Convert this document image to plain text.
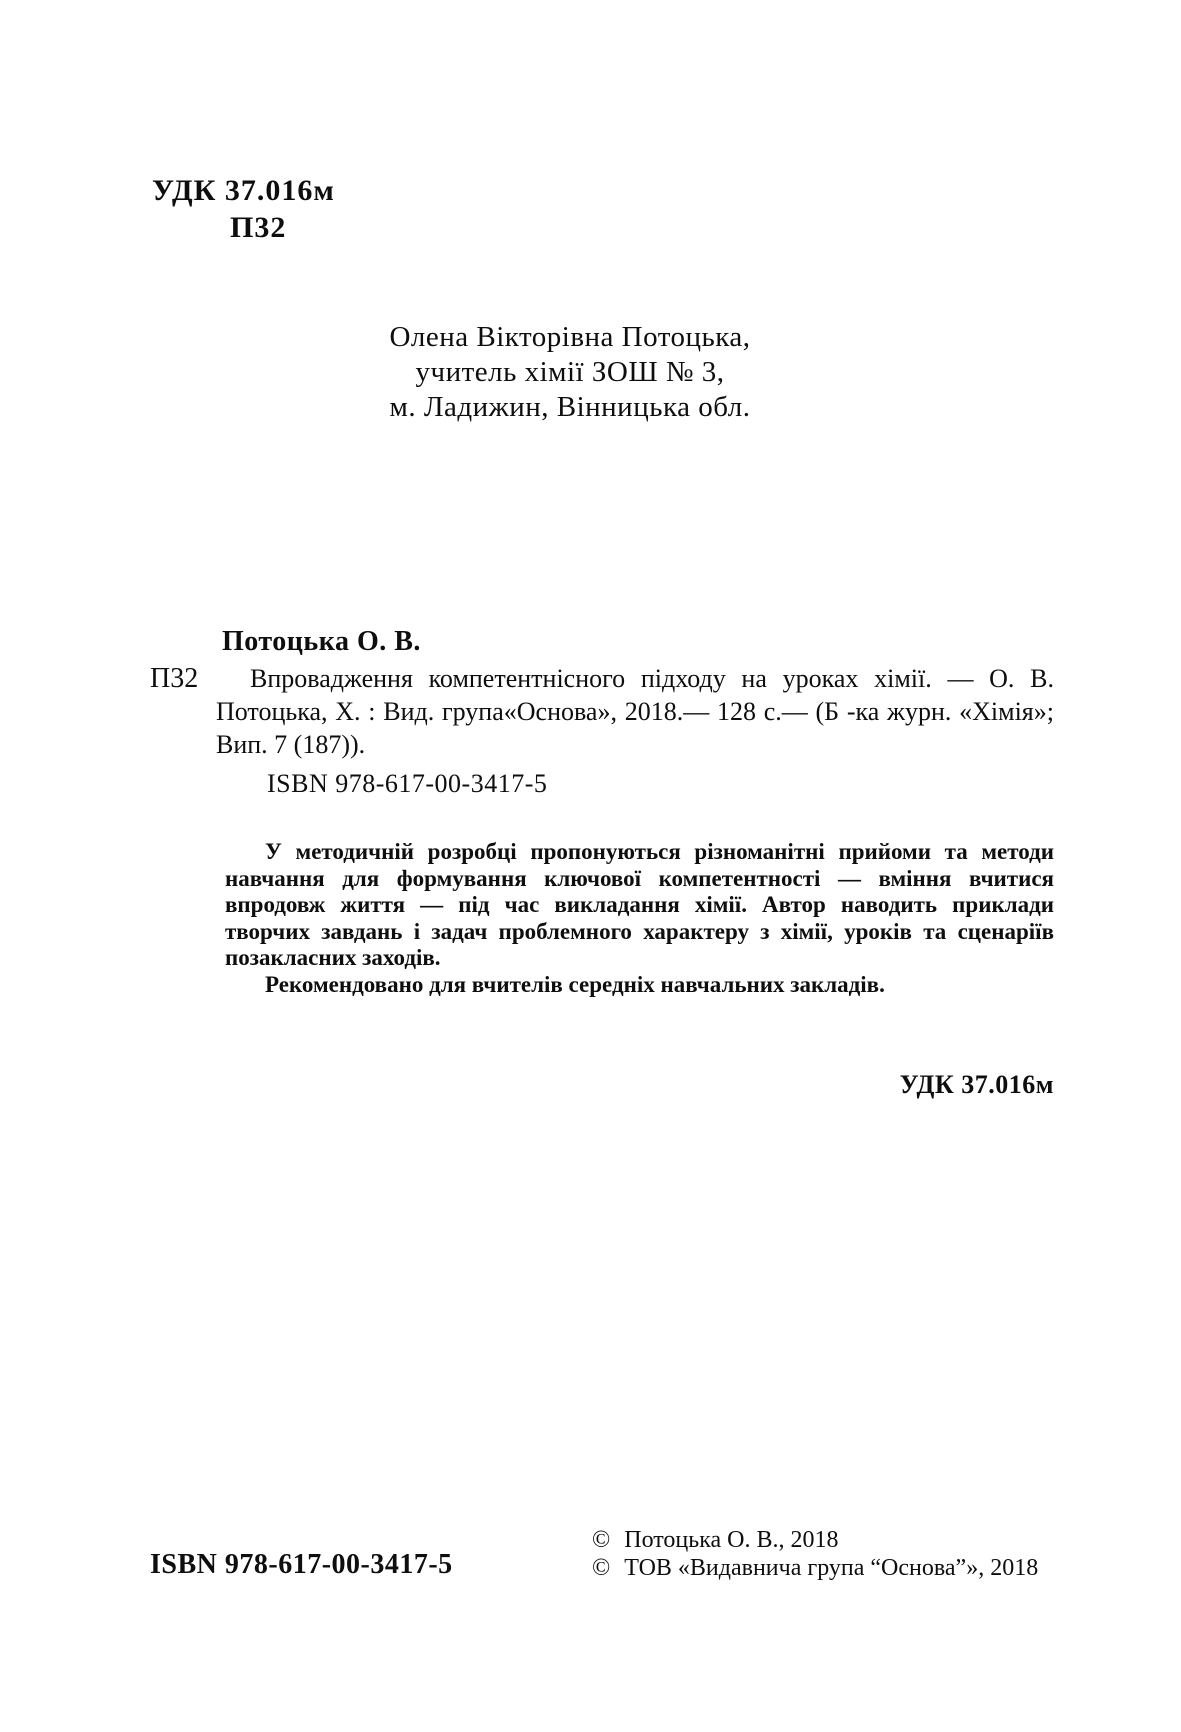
УДК 37.016м
П32
Олена Вікторівна Потоцька,
учитель хімії ЗОШ № 3,
м. Ладижин, Вінницька обл.
Потоцька О. В.
П32	Впровадження компетентнісного підходу на уроках хімії. — О. В. Потоцька, Х. : Вид. група«Основа», 2018.— 128 с.— (Б -ка журн. «Хімія»; Вип. 7 (187)).

ISBN 978-617-00-3417-5

У методичній розробці пропонуються різноманітні прийоми та методи навчання для формування ключової компетентності — вміння вчитися впродовж життя — під час викладання хімії. Автор наводить приклади творчих завдань і задач проблемного характеру з хімії, уроків та сценаріїв позакласних заходів.

Рекомендовано для вчителів середніх навчальних закладів.

УДК 37.016м
ISBN 978-617-00-3417-5
© Потоцька О. В., 2018
© ТОВ «Видавнича група “Основа”», 2018
